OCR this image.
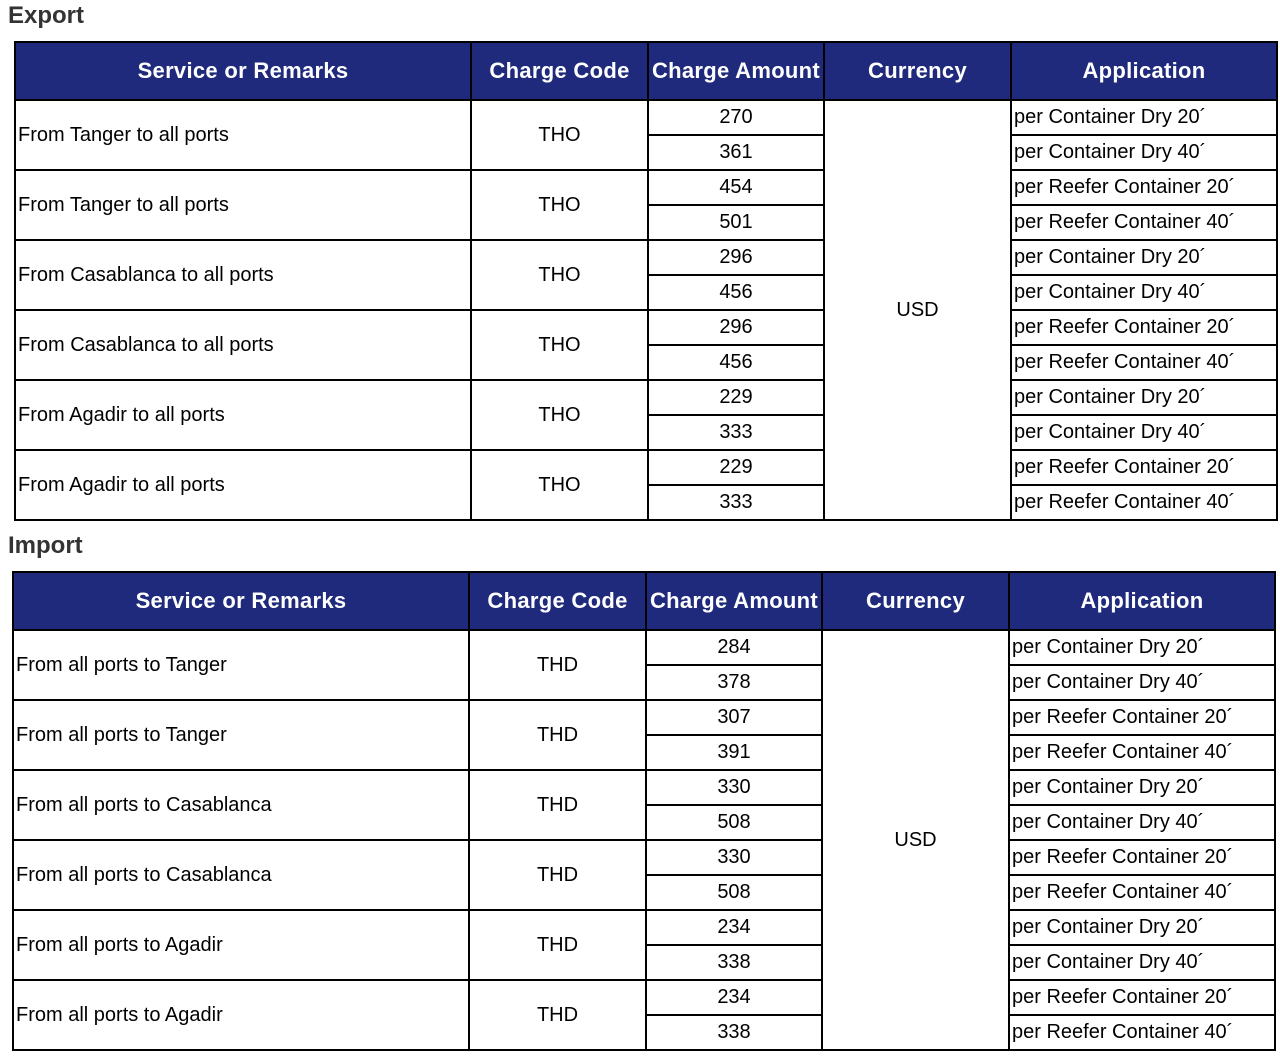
Export
Service or Remarks	Charge Code	Charge Amount	Currency	Application
From Tanger to all ports	THO	270	USD	per Container Dry 20´
		361		per Container Dry 40´
From Tanger to all ports	THO	454		per Reefer Container 20´
		501		per Reefer Container 40´
From Casablanca to all ports	THO	296		per Container Dry 20´
		456		per Container Dry 40´
From Casablanca to all ports	THO	296		per Reefer Container 20´
		456		per Reefer Container 40´
From Agadir to all ports	THO	229		per Container Dry 20´
		333		per Container Dry 40´
From Agadir to all ports	THO	229		per Reefer Container 20´
		333		per Reefer Container 40´
Import
Service or Remarks	Charge Code	Charge Amount	Currency	Application
From all ports to Tanger	THD	284	USD	per Container Dry 20´
		378		per Container Dry 40´
From all ports to Tanger	THD	307		per Reefer Container 20´
		391		per Reefer Container 40´
From all ports to Casablanca	THD	330		per Container Dry 20´
		508		per Container Dry 40´
From all ports to Casablanca	THD	330		per Reefer Container 20´
		508		per Reefer Container 40´
From all ports to Agadir	THD	234		per Container Dry 20´
		338		per Container Dry 40´
From all ports to Agadir	THD	234		per Reefer Container 20´
		338		per Reefer Container 40´
